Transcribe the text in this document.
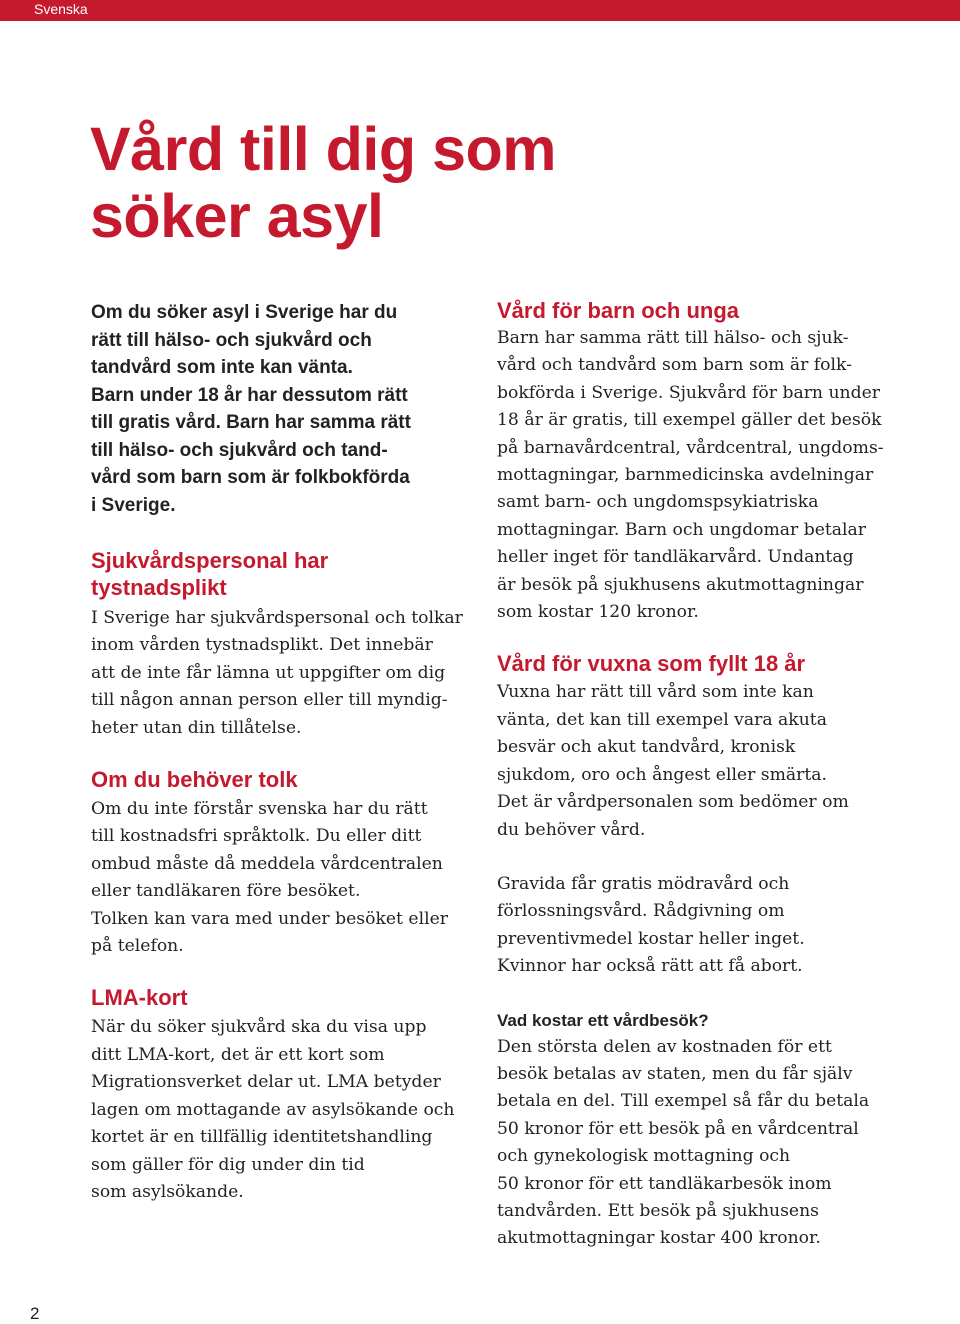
Svenska
Vård till dig som
söker asyl

Om du söker asyl i Sverige har du
rätt till hälso- och sjukvård och
tandvård som inte kan vänta.
Barn under 18 år har dessutom rätt
till gratis vård. Barn har samma rätt
till hälso- och sjukvård och tand-
vård som barn som är folkbokförda
i Sverige.

Sjukvårdspersonal har
tystnadsplikt

I Sverige har sjukvårdspersonal och tolkar
inom vården tystnadsplikt. Det innebär
att de inte får lämna ut uppgifter om dig
till någon annan person eller till myndig-
heter utan din tillåtelse.

Om du behöver tolk

Om du inte förstår svenska har du rätt
till kostnadsfri språktolk. Du eller ditt
ombud måste då meddela vårdcentralen
eller tandläkaren före besöket.
Tolken kan vara med under besöket eller
på telefon.

LMA-kort

När du söker sjukvård ska du visa upp
ditt LMA-kort, det är ett kort som
Migrationsverket delar ut. LMA betyder
lagen om mottagande av asylsökande och
kortet är en tillfällig identitetshandling
som gäller för dig under din tid
som asylsökande.

Vård för barn och unga

Barn har samma rätt till hälso- och sjuk-
vård och tandvård som barn som är folk-
bokförda i Sverige. Sjukvård för barn under
18 år är gratis, till exempel gäller det besök
på barnavårdcentral, vårdcentral, ungdoms-
mottagningar, barnmedicinska avdelningar
samt barn- och ungdomspsykiatriska
mottagningar. Barn och ungdomar betalar
heller inget för tandläkarvård. Undantag
är besök på sjukhusens akutmottagningar
som kostar 120 kronor.

Vård för vuxna som fyllt 18 år

Vuxna har rätt till vård som inte kan
vänta, det kan till exempel vara akuta
besvär och akut tandvård, kronisk
sjukdom, oro och ångest eller smärta.
Det är vårdpersonalen som bedömer om
du behöver vård.

Gravida får gratis mödravård och
förlossningsvård. Rådgivning om
preventivmedel kostar heller inget.
Kvinnor har också rätt att få abort.

Vad kostar ett vårdbesök?

Den största delen av kostnaden för ett
besök betalas av staten, men du får själv
betala en del. Till exempel så får du betala
50 kronor för ett besök på en vårdcentral
och gynekologisk mottagning och
50 kronor för ett tandläkarbesök inom
tandvården. Ett besök på sjukhusens
akutmottagningar kostar 400 kronor.

2
